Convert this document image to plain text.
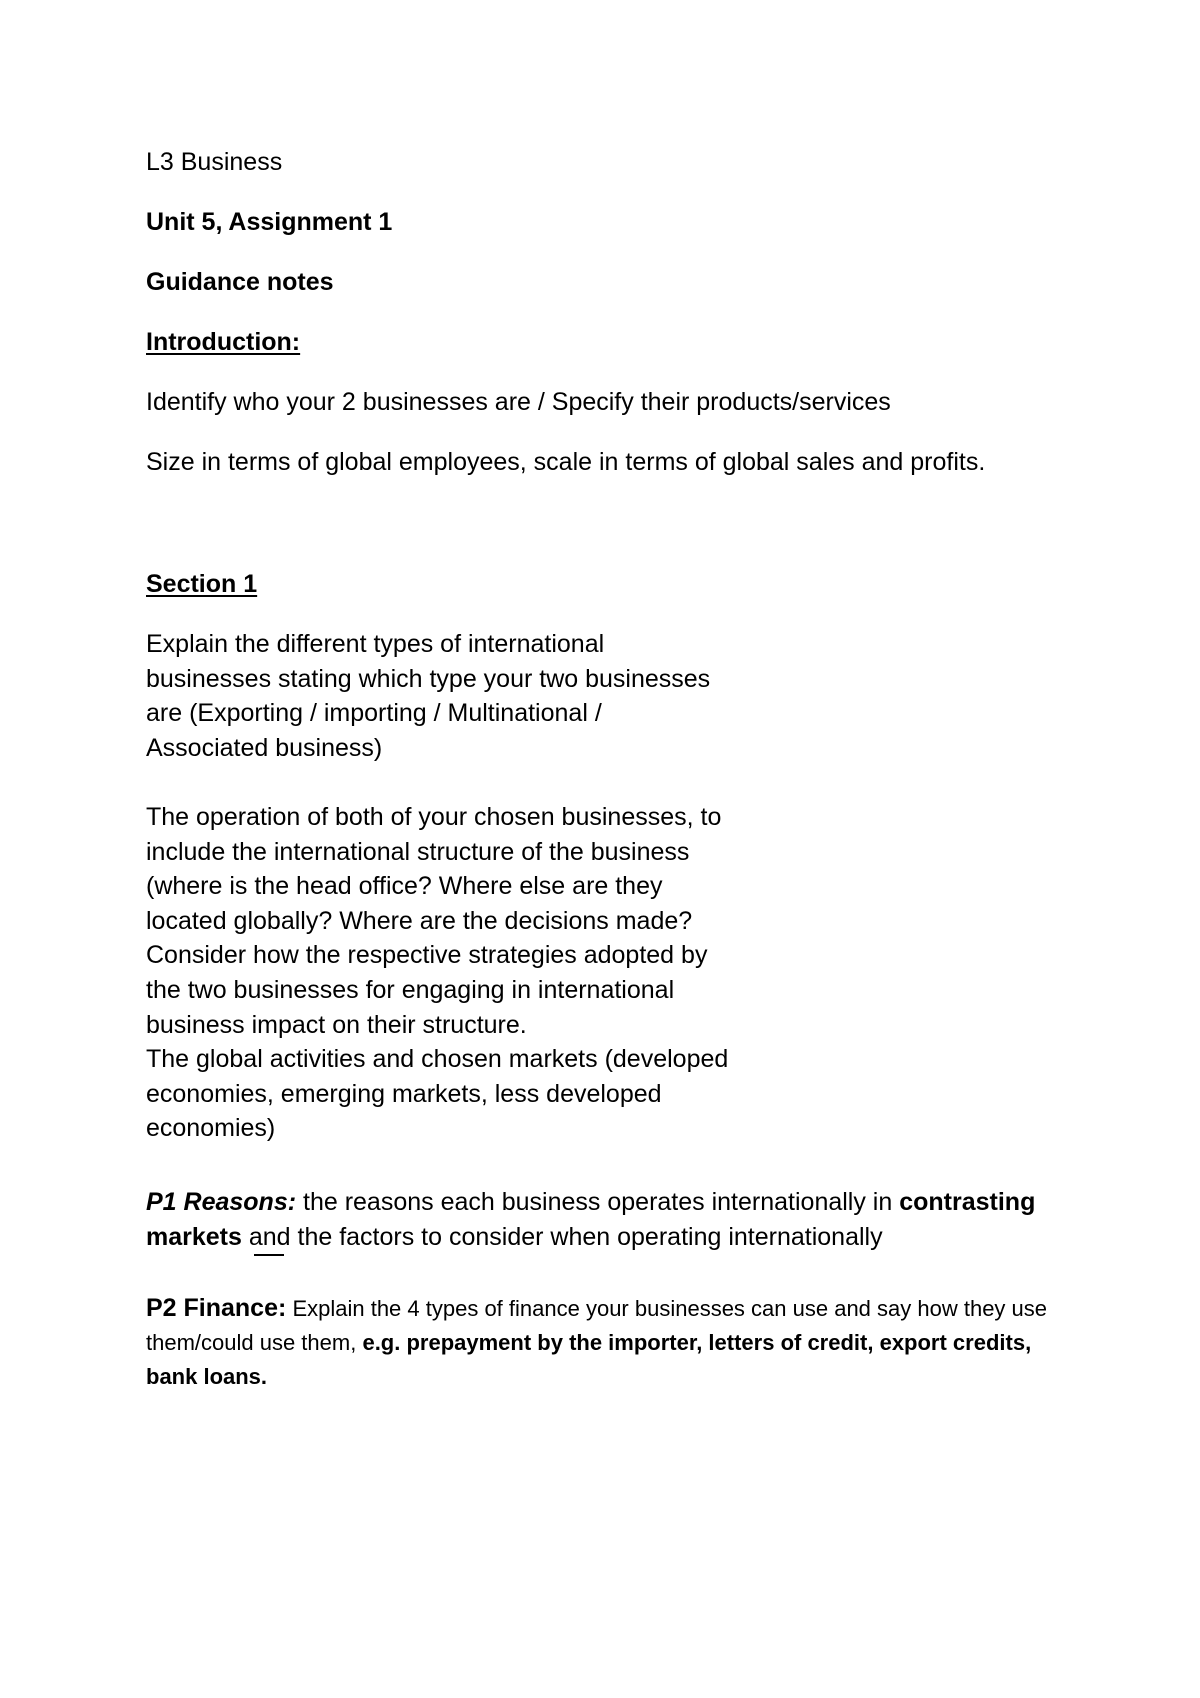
L3 Business
Unit 5, Assignment 1
Guidance notes
Introduction:
Identify who your 2 businesses are / Specify their products/services
Size in terms of global employees, scale in terms of global sales and profits.
Section 1

Explain the different types of international

businesses stating which type your two businesses

are (Exporting / importing / Multinational /

Associated business)

The operation of both of your chosen businesses, to

include the international structure of the business

(where is the head office? Where else are they

located globally? Where are the decisions made?

Consider how the respective strategies adopted by

the two businesses for engaging in international

business impact on their structure.

The global activities and chosen markets (developed

economies, emerging markets, less developed

economies)

P1 Reasons: the reasons each business operates internationally in contrasting

markets and the factors to consider when operating internationally

P2 Finance: Explain the 4 types of finance your businesses can use and say how they use

them/could use them, e.g. prepayment by the importer, letters of credit, export credits,

bank loans.
